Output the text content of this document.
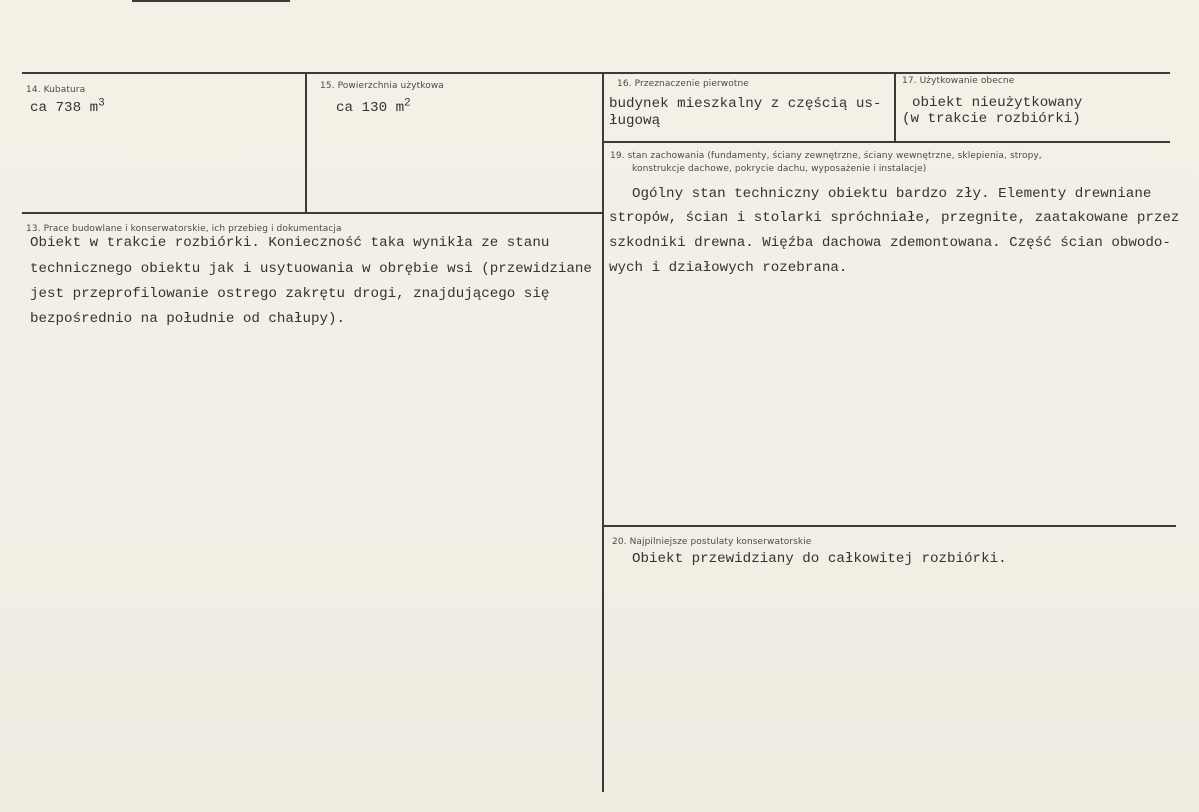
14. Kubatura
ca 738 $m^3$
15. Powierzchnia użytkowa
ca 130 $m^2$
16. Przeznaczenie pierwotne
budynek mieszkalny z częścią us-
ługową
17. Użytkowanie obecne
obiekt nieużytkowany
(w trakcie rozbiórki)
13. Prace budowlane i konserwatorskie, ich przebieg i dokumentacja
Obiekt w trakcie rozbiórki. Konieczność taka wynikła ze stanu
technicznego obiektu jak i usytuowania w obrębie wsi (przewidziane
jest przeprofilowanie ostrego zakrętu drogi, znajdującego się
bezpośrednio na południe od chałupy).
19. stan zachowania (fundamenty, ściany zewnętrzne, ściany wewnętrzne, sklepienia, stropy,
konstrukcje dachowe, pokrycie dachu, wyposażenie i instalacje)
Ogólny stan techniczny obiektu bardzo zły. Elementy drewniane
stropów, ścian i stolarki spróchniałe, przegnite, zaatakowane przez
szkodniki drewna. Więźba dachowa zdemontowana. Część ścian obwodo-
wych i działowych rozebrana.
20. Najpilniejsze postulaty konserwatorskie
Obiekt przewidziany do całkowitej rozbiórki.
